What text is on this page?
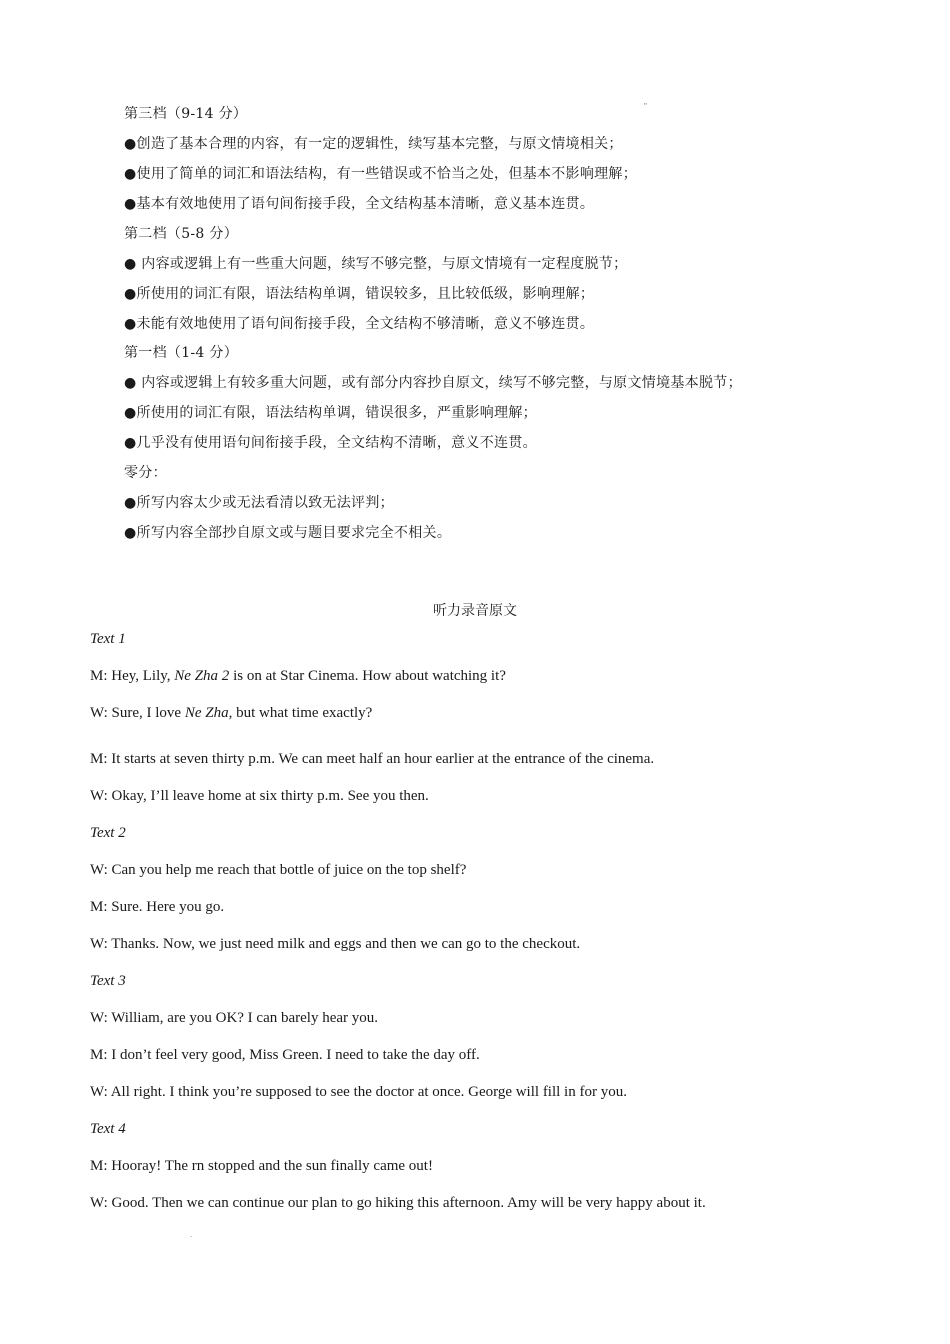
"
第三档（9-14 分）
●创造了基本合理的内容，有一定的逻辑性，续写基本完整，与原文情境相关；
●使用了简单的词汇和语法结构，有一些错误或不恰当之处，但基本不影响理解；
●基本有效地使用了语句间衔接手段，全文结构基本清晰，意义基本连贯。
第二档（5-8 分）
● 内容或逻辑上有一些重大问题，续写不够完整，与原文情境有一定程度脱节；
●所使用的词汇有限，语法结构单调，错误较多，且比较低级，影响理解；
●未能有效地使用了语句间衔接手段，全文结构不够清晰，意义不够连贯。
第一档（1-4 分）
● 内容或逻辑上有较多重大问题，或有部分内容抄自原文，续写不够完整，与原文情境基本脱节；
●所使用的词汇有限，语法结构单调，错误很多，严重影响理解；
●几乎没有使用语句间衔接手段，全文结构不清晰，意义不连贯。
零分：
●所写内容太少或无法看清以致无法评判；
●所写内容全部抄自原文或与题目要求完全不相关。
听力录音原文
Text 1
M: Hey, Lily, Ne Zha 2 is on at Star Cinema. How about watching it?
W: Sure, I love Ne Zha, but what time exactly?
M: It starts at seven thirty p.m. We can meet half an hour earlier at the entrance of the cinema.
W: Okay, I’ll leave home at six thirty p.m. See you then.
Text 2
W: Can you help me reach that bottle of juice on the top shelf?
M: Sure. Here you go.
W: Thanks. Now, we just need milk and eggs and then we can go to the checkout.
Text 3
W: William, are you OK? I can barely hear you.
M: I don’t feel very good, Miss Green. I need to take the day off.
W: All right. I think you’re supposed to see the doctor at once. George will fill in for you.
Text 4
M: Hooray! The rn stopped and the sun finally came out!
W: Good. Then we can continue our plan to go hiking this afternoon. Amy will be very happy about it.
.
